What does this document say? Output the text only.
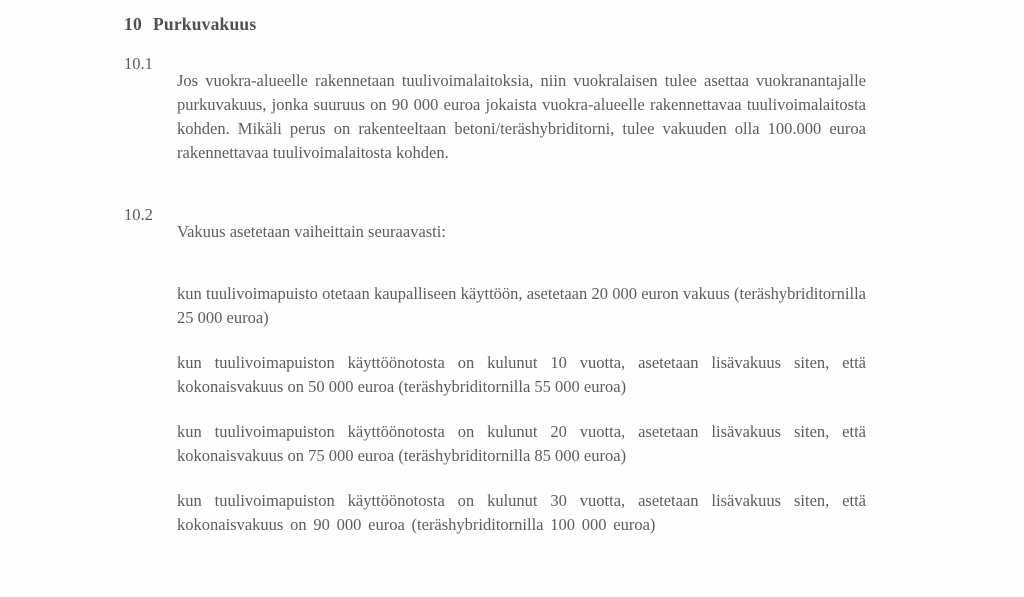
10 Purkuvakuus
10.1

Jos vuokra-alueelle rakennetaan tuulivoimalaitoksia, niin vuokralaisen tulee asettaa vuokranantajalle purkuvakuus, jonka suuruus on 90 000 euroa jokaista vuokra-alueelle rakennettavaa tuulivoimalaitosta kohden. Mikäli perus on rakenteeltaan betoni/teräshybriditorni, tulee vakuuden olla 100.000 euroa rakennettavaa tuulivoimalaitosta kohden.

10.2

Vakuus asetetaan vaiheittain seuraavasti:

kun tuulivoimapuisto otetaan kaupalliseen käyttöön, asetetaan 20 000 euron vakuus (teräshybriditornilla 25 000 euroa)

kun tuulivoimapuiston käyttöönotosta on kulunut 10 vuotta, asetetaan lisävakuus siten, että kokonaisvakuus on 50 000 euroa (teräshybriditornilla 55 000 euroa)

kun tuulivoimapuiston käyttöönotosta on kulunut 20 vuotta, asetetaan lisävakuus siten, että kokonaisvakuus on 75 000 euroa (teräshybriditornilla 85 000 euroa)

kun tuulivoimapuiston käyttöönotosta on kulunut 30 vuotta, asetetaan lisävakuus siten, että kokonaisvakuus on 90 000 euroa (teräshybriditornilla 100 000 euroa)
